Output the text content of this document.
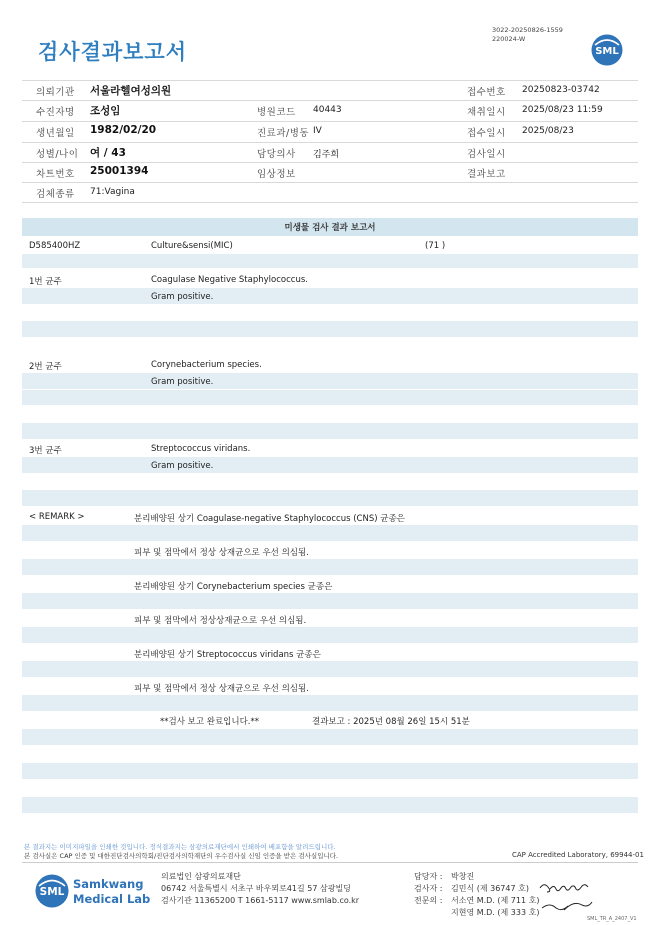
검사결과보고서
3022-20250826-1559
220024-W
SML
의뢰기관 서울라헬여성의원	접수번호 20250823-03742
수진자명 조성임	병원코드 40443	채취일시 2025/08/23 11:59
생년월일 1982/02/20	진료과/병동 IV	접수일시 2025/08/23
성별/나이 여 / 43	담당의사 김주희	검사일시
차트번호 25001394	임상정보	결과보고
검체종류 71:Vagina
미생물 검사 결과 보고서
D585400HZ	Culture&sensi(MIC)	(71 )
1번 균주	Coagulase Negative Staphylococcus.
Gram positive.
2번 균주	Corynebacterium species.
Gram positive.
3번 균주	Streptococcus viridans.
Gram positive.
< REMARK >	분리배양된 상기 Coagulase-negative Staphylococcus (CNS) 균종은
피부 및 점막에서 정상 상재균으로 우선 의심됨.
분리배양된 상기 Corynebacterium species 균종은
피부 및 점막에서 정상상재균으로 우선 의심됨.
분리배양된 상기 Streptococcus viridans 균종은
피부 및 점막에서 정상 상재균으로 우선 의심됨.
**검사 보고 완료입니다.**	결과보고 : 2025년 08월 26일 15시 51분
본 결과지는 이미지파일을 인쇄한 것입니다. 정식결과지는 삼광의료재단에서 인쇄하여 배포함을 알려드립니다.
본 검사실은 CAP 인증 및 대한진단검사의학회/진단검사의학재단의 우수검사실 신임 인증을 받은 검사실입니다.	CAP Accredited Laboratory, 69944-01
SML
Samkwang
Medical Lab
의료법인 삼광의료재단
06742 서울특별시 서초구 바우뫼로41길 57 삼광빌딩
검사기관 11365200 T 1661-5117 www.smlab.co.kr
담당자 : 박창진
검사자 : 김민식 (제 36747 호)
전문의 : 서소연 M.D. (제 711 호)
지현영 M.D. (제 333 호)
SML_TR_A_2407_V1
